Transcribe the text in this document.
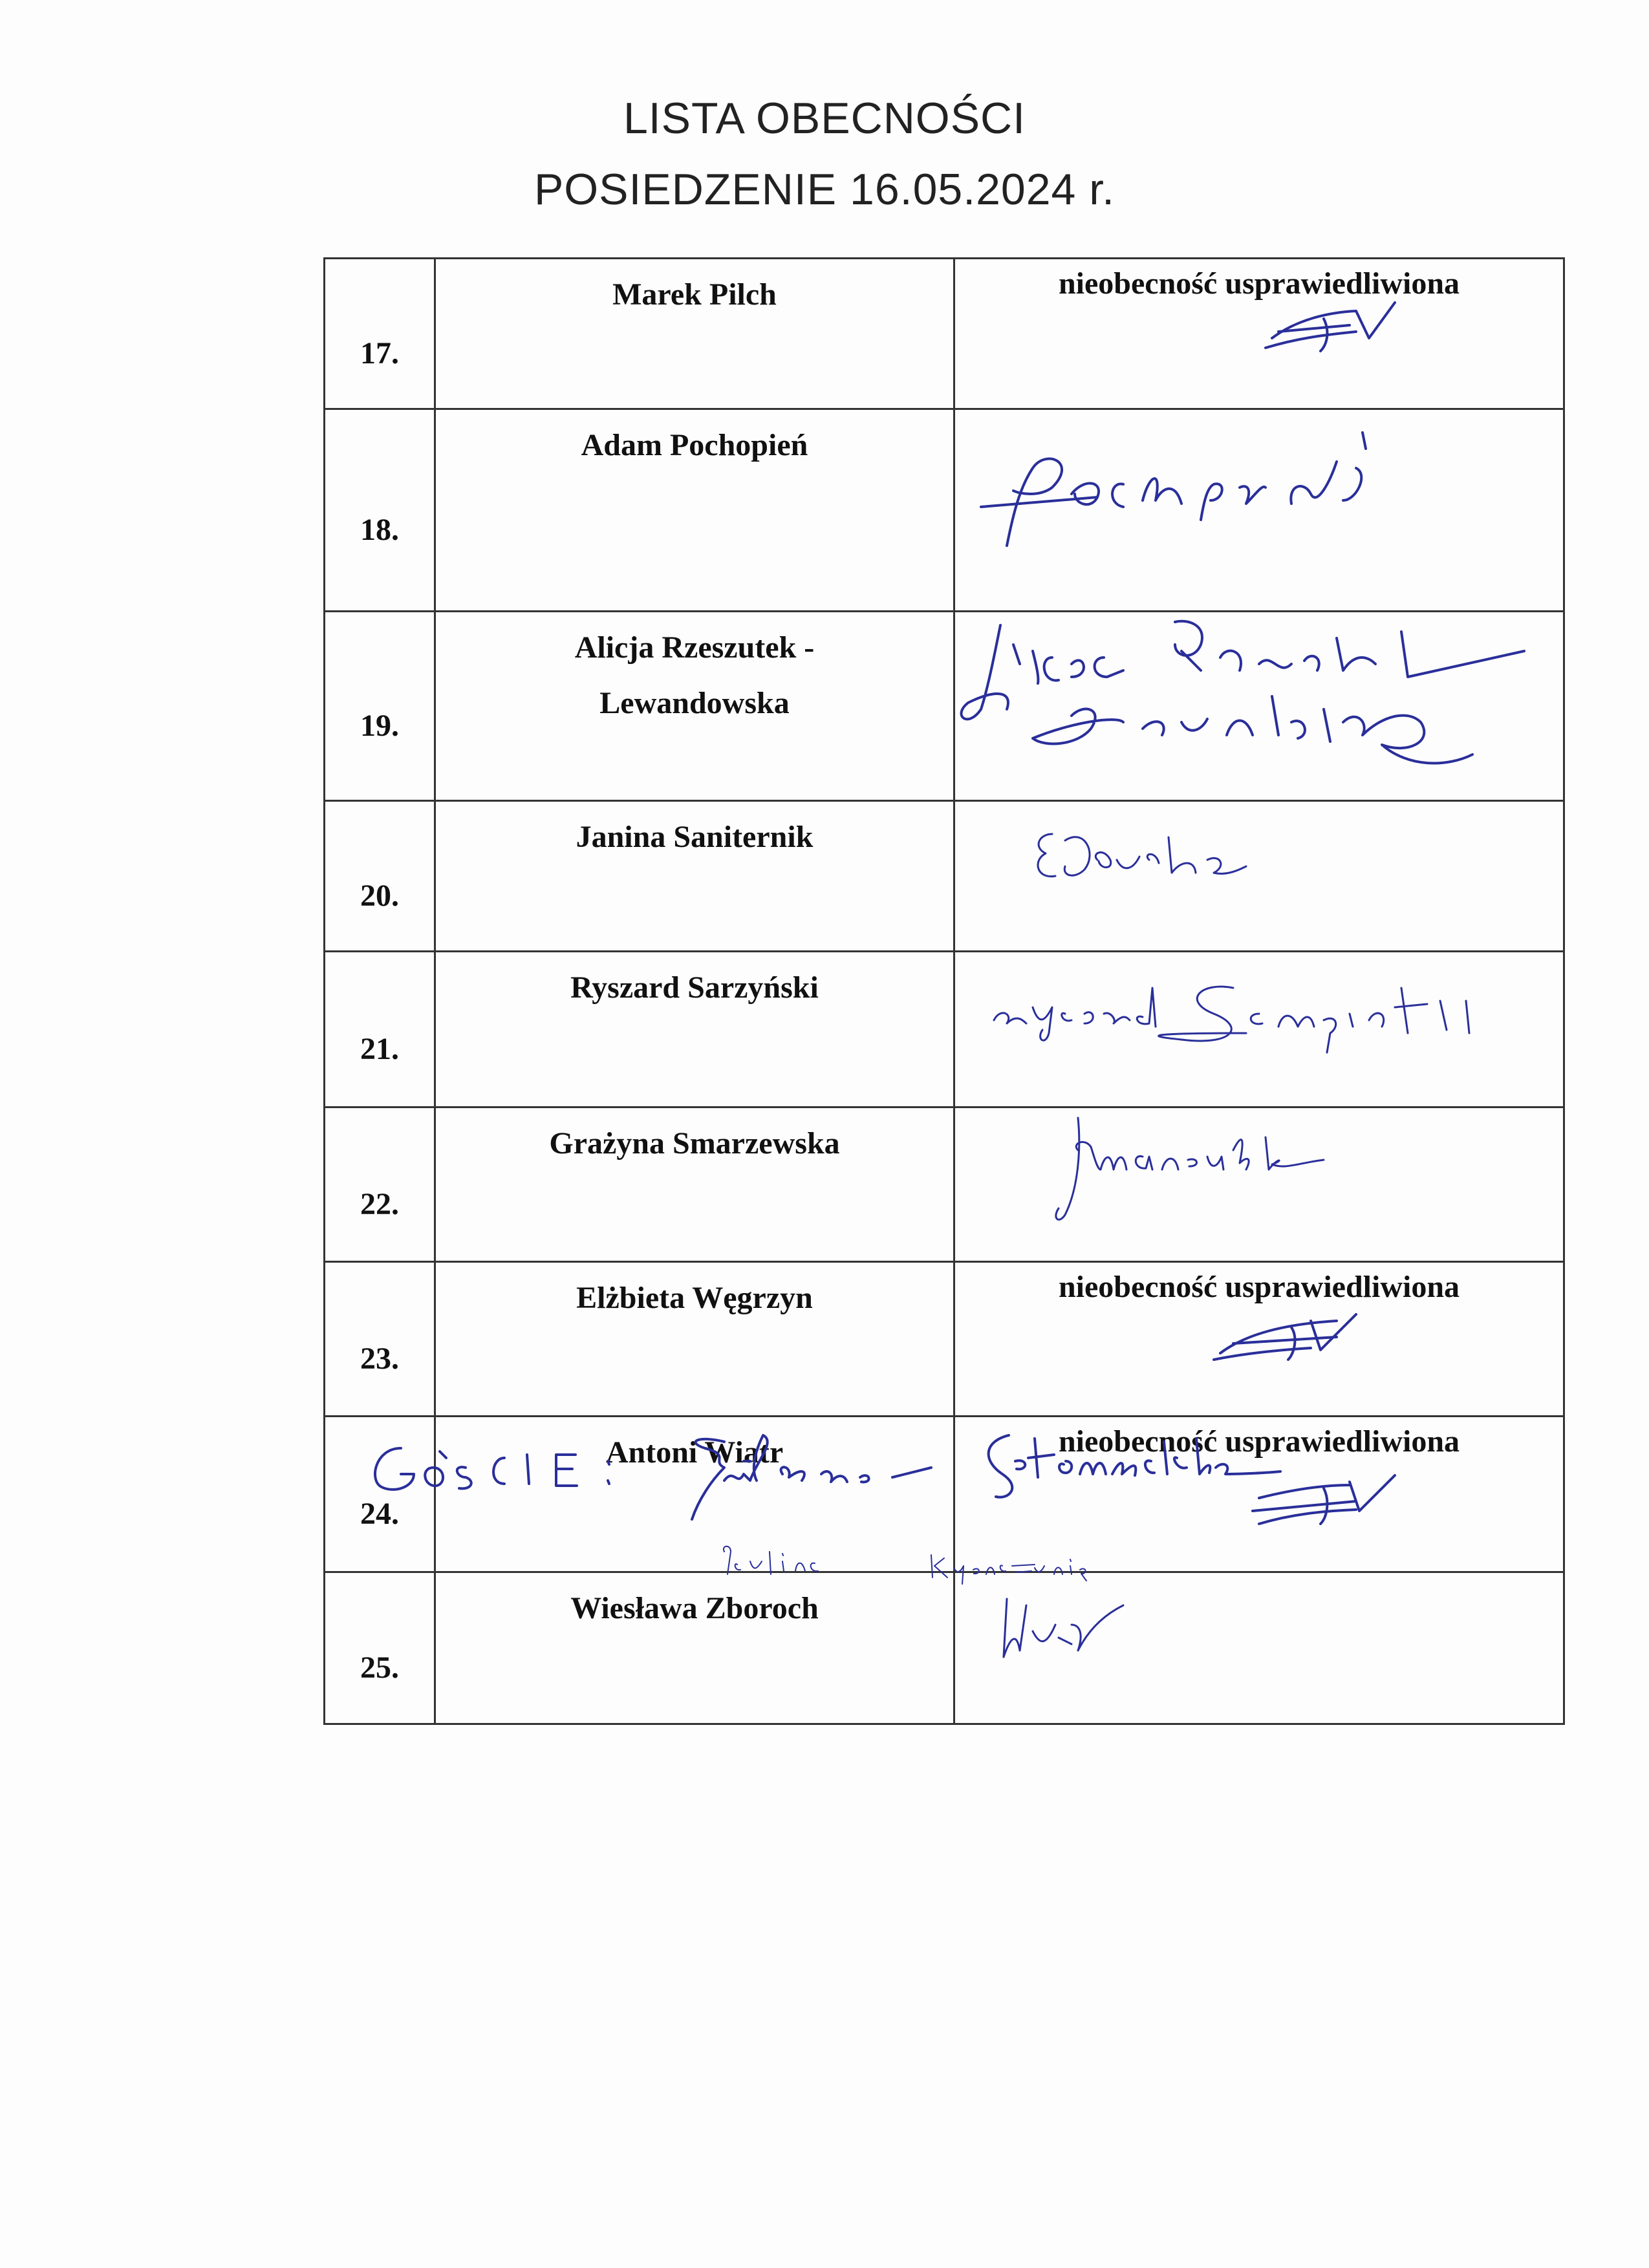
LISTA OBECNOŚCI
POSIEDZENIE 16.05.2024 r.
17.	Marek Pilch	nieobecność usprawiedliwiona

18.	Adam Pochopień	

19.	Alicja Rzeszutek -
Lewandowska

20.	Janina Saniternik	

21.	Ryszard Sarzyński	

22.	Grażyna Smarzewska	

23.	Elżbieta Węgrzyn	nieobecność usprawiedliwiona

24.	Antoni Wiatr	nieobecność usprawiedliwiona

25.	Wiesława Zboroch	
